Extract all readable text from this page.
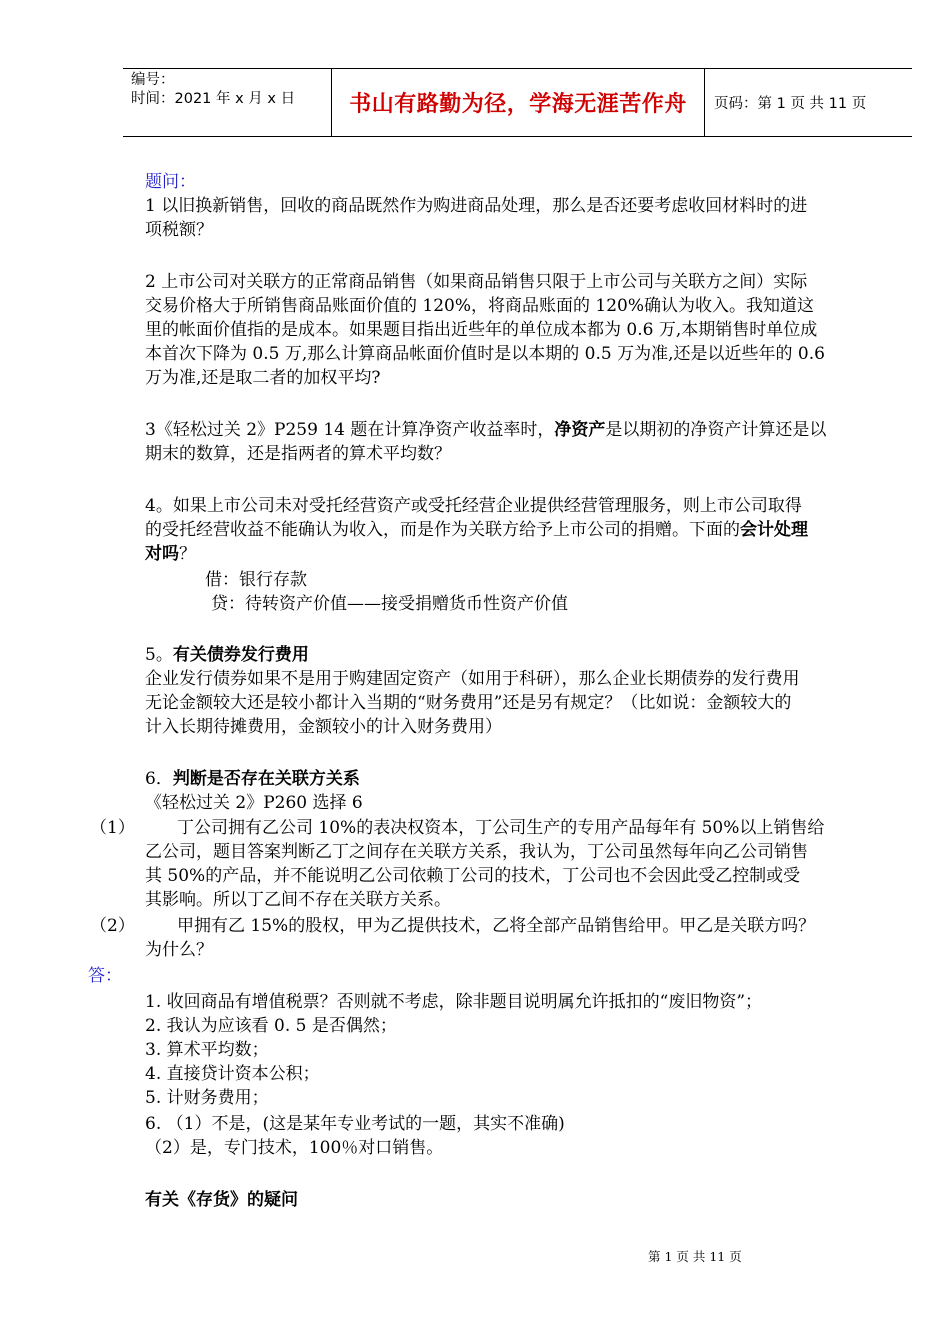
编号：
时间：2021 年 x 月 x 日	书山有路勤为径，学海无涯苦作舟	页码：第 1 页 共 11 页
题问：
1 以旧换新销售，回收的商品既然作为购进商品处理，那么是否还要考虑收回材料时的进
项税额？
2 上市公司对关联方的正常商品销售（如果商品销售只限于上市公司与关联方之间）实际
交易价格大于所销售商品账面价值的 120%，将商品账面的 120%确认为收入。我知道这
里的帐面价值指的是成本。如果题目指出近些年的单位成本都为 0.6 万,本期销售时单位成
本首次下降为 0.5 万,那么计算商品帐面价值时是以本期的 0.5 万为准,还是以近些年的 0.6
万为准,还是取二者的加权平均?
3《轻松过关 2》P259 14 题在计算净资产收益率时，净资产是以期初的净资产计算还是以
期末的数算，还是指两者的算术平均数？
4。如果上市公司未对受托经营资产或受托经营企业提供经营管理服务，则上市公司取得
的受托经营收益不能确认为收入，而是作为关联方给予上市公司的捐赠。下面的会计处理
对吗？
借：银行存款
贷：待转资产价值——接受捐赠货币性资产价值
5。有关债券发行费用
企业发行债券如果不是用于购建固定资产（如用于科研），那么企业长期债券的发行费用
无论金额较大还是较小都计入当期的“财务费用”还是另有规定？（比如说：金额较大的
计入长期待摊费用，金额较小的计入财务费用）
6．判断是否存在关联方关系
《轻松过关 2》P260 选择 6
（1） 丁公司拥有乙公司 10%的表决权资本，丁公司生产的专用产品每年有 50%以上销售给
乙公司，题目答案判断乙丁之间存在关联方关系，我认为，丁公司虽然每年向乙公司销售
其 50%的产品，并不能说明乙公司依赖丁公司的技术，丁公司也不会因此受乙控制或受
其影响。所以丁乙间不存在关联方关系。
（2） 甲拥有乙 15%的股权，甲为乙提供技术，乙将全部产品销售给甲。甲乙是关联方吗？
为什么？
答：
1. 收回商品有增值税票？否则就不考虑，除非题目说明属允许抵扣的“废旧物资”；
2. 我认为应该看 0. 5 是否偶然；
3. 算术平均数；
4. 直接贷计资本公积；
5. 计财务费用；
6. （1）不是，(这是某年专业考试的一题，其实不准确)
（2）是，专门技术，100％对口销售。
有关《存货》的疑问
第 1 页 共 11 页
